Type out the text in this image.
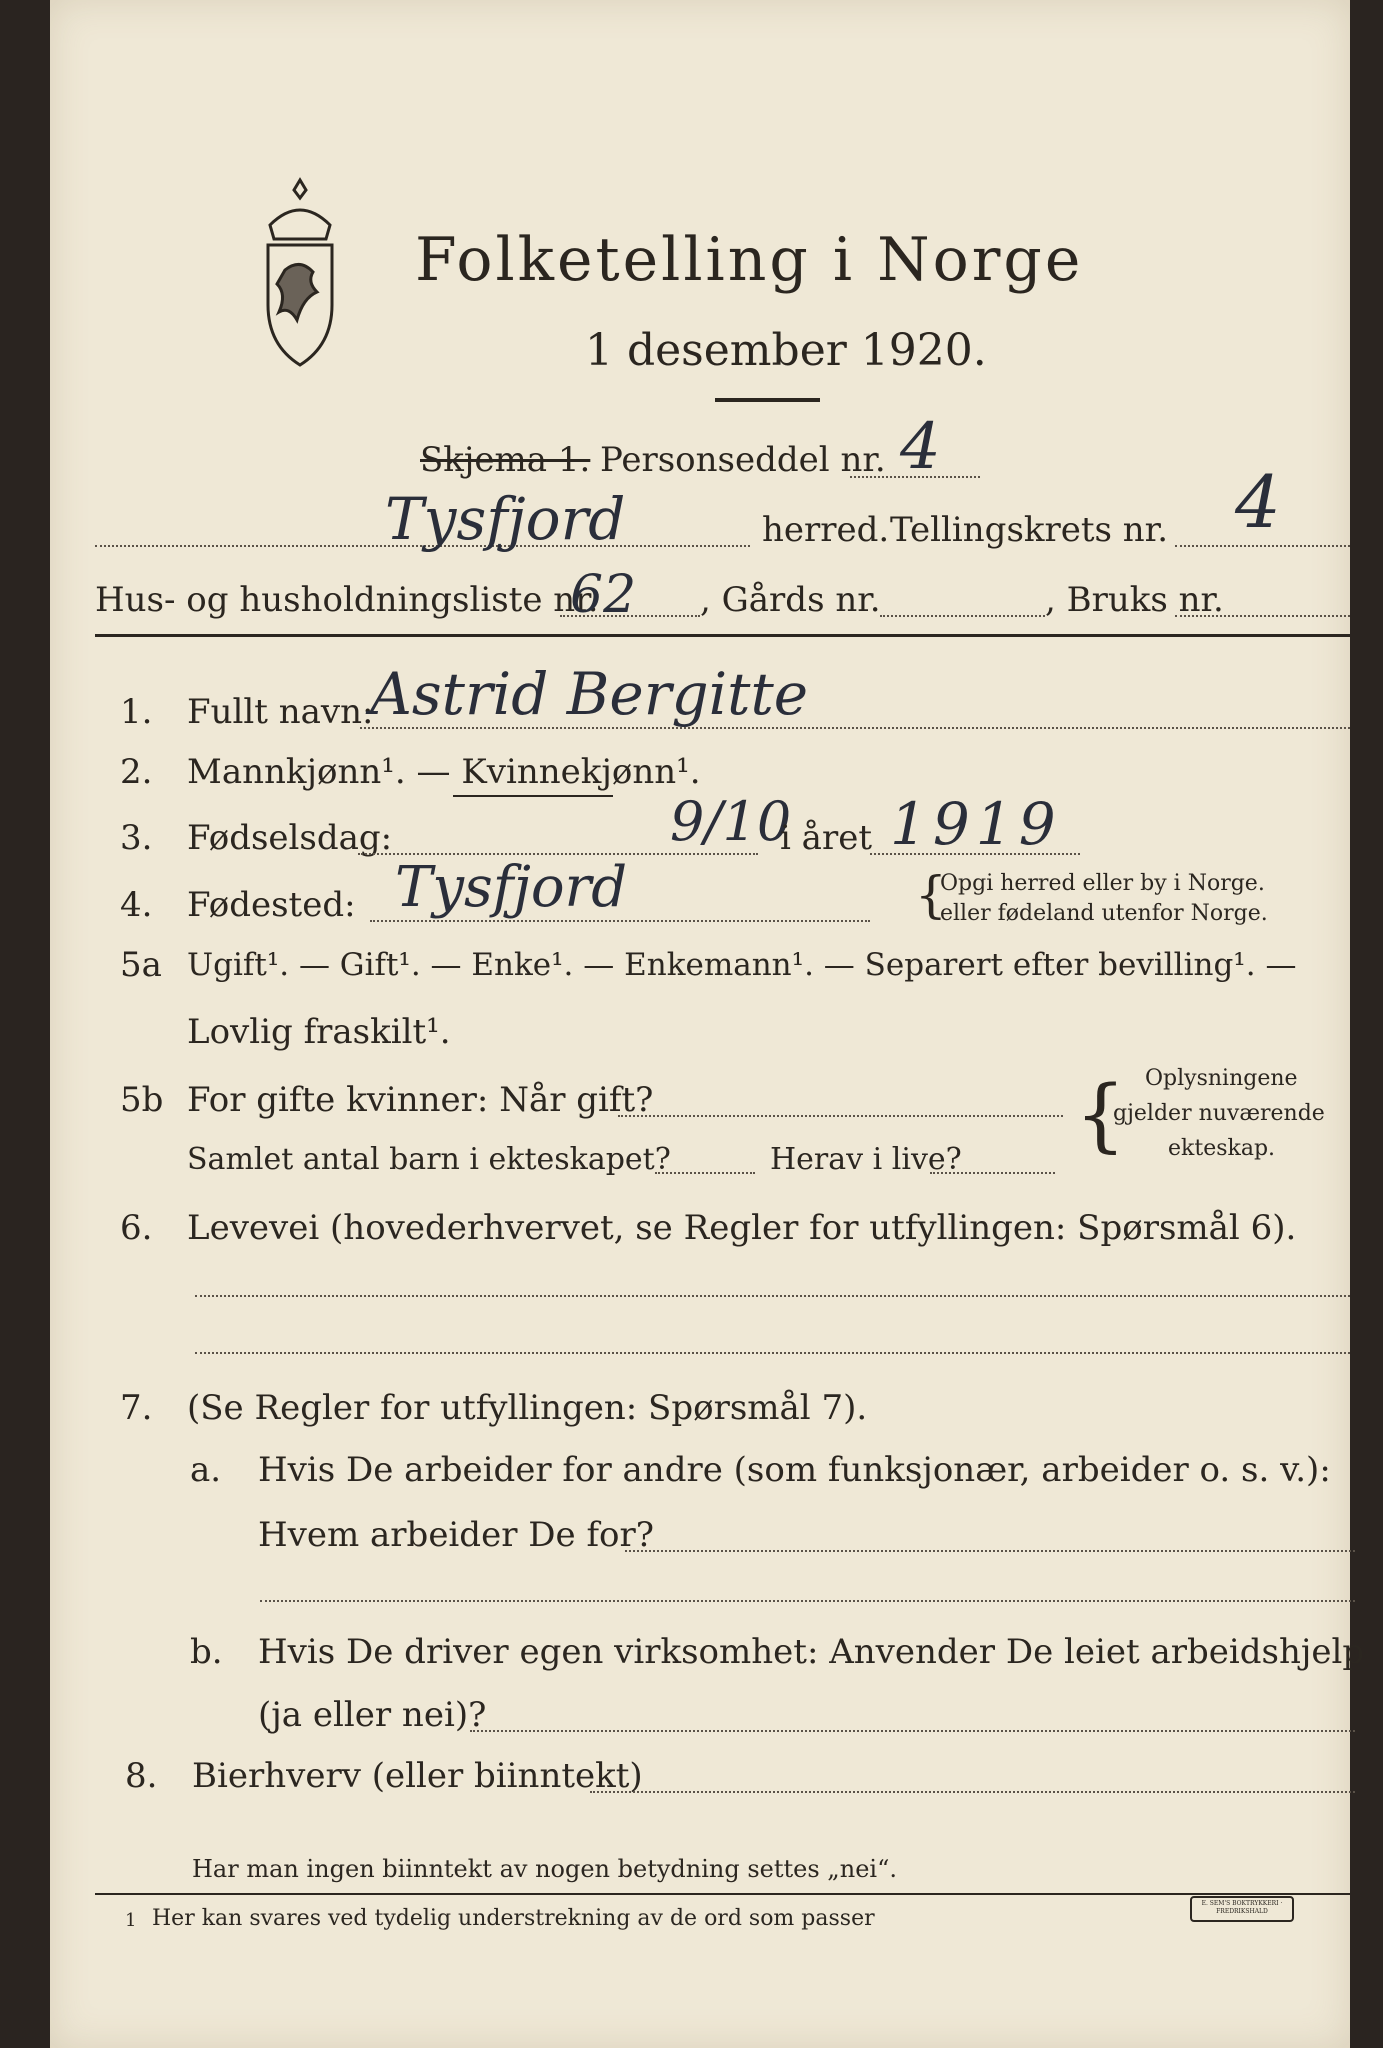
Folketelling i Norge
1 desember 1920.
Skjema 1. Personseddel nr. 4
Tysfjord	herred. Tellingskrets nr. 4
Hus- og husholdningsliste nr.
62 , Gårds nr.	, Bruks nr.
1. Fullt navn:
Astrid Bergitte
2. Mannkjønn¹. — Kvinnekjønn¹.
3. Fødselsdag:	9/10
i året 1919
4. Fødested: Tysfjord	{
Opgi herred eller by i Norge.
eller fødeland utenfor Norge.
5a Ugift¹. — Gift¹. — Enke¹. — Enkemann¹. — Separert efter bevilling¹. —
Lovlig fraskilt¹.
5b For gifte kvinner: Når gift?
Samlet antal barn i ekteskapet?	Herav i live? { Oplysningene
gjelder nuværende
ekteskap.
6. Levevei (hovederhvervet, se Regler for utfyllingen: Spørsmål 6).
7. (Se Regler for utfyllingen: Spørsmål 7).
a. Hvis De arbeider for andre (som funksjonær, arbeider o. s. v.):
Hvem arbeider De for?
b. Hvis De driver egen virksomhet: Anvender De leiet arbeidshjelp
(ja eller nei)?
8. Bierhverv (eller biinntekt)
Har man ingen biinntekt av nogen betydning settes „nei“.
1 Her kan svares ved tydelig understrekning av de ord som passer
E. SEM'S BOKTRYKKERI · FREDRIKSHALD
